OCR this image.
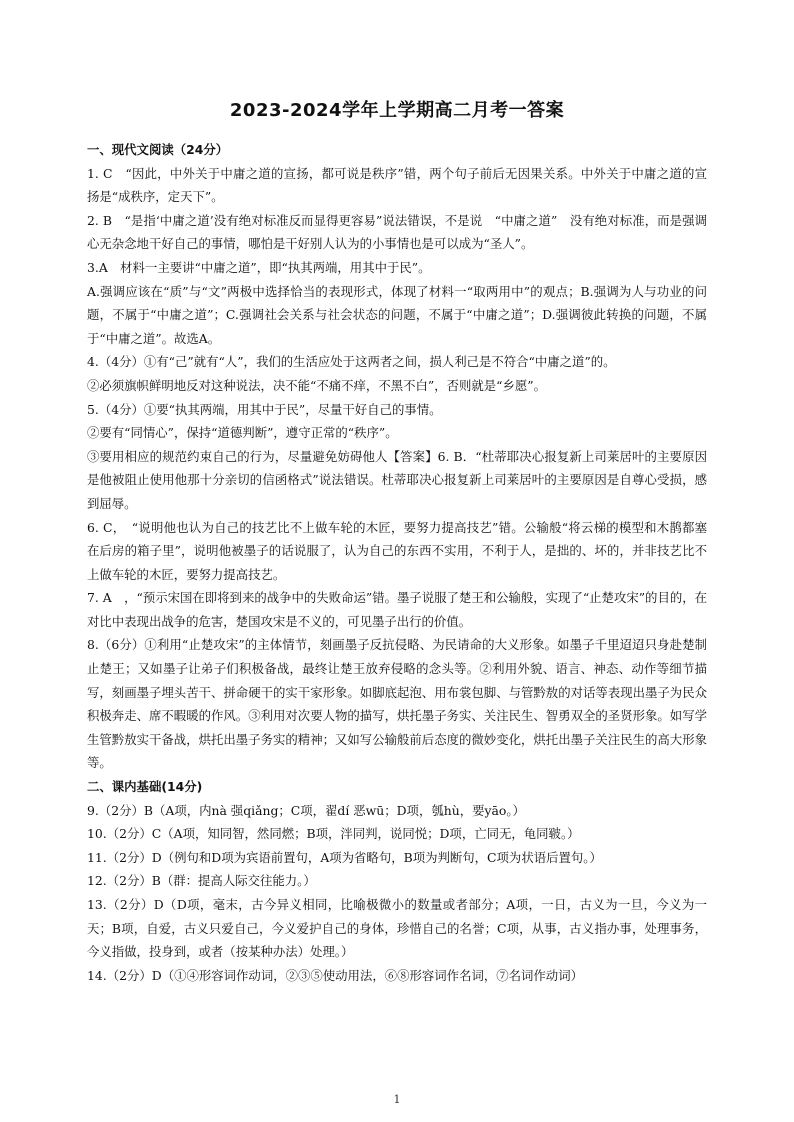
2023-2024学年上学期高二月考一答案
一、现代文阅读（24分）

1. C　“因此，中外关于中庸之道的宣扬，都可说是秩序”错，两个句子前后无因果关系。中外关于中庸之道的宣扬是“成秩序，定天下”。

2. B　“是指‘中庸之道’没有绝对标准反而显得更容易”说法错误，不是说　“中庸之道”　没有绝对标准，而是强调心无杂念地干好自己的事情，哪怕是干好别人认为的小事情也是可以成为“圣人”。

3.A　材料一主要讲“中庸之道”，即“执其两端，用其中于民”。

A.强调应该在“质”与“文”两极中选择恰当的表现形式，体现了材料一“取两用中”的观点；B.强调为人与功业的问题，不属于“中庸之道”；C.强调社会关系与社会状态的问题，不属于“中庸之道”；D.强调彼此转换的问题，不属于“中庸之道”。故选A。

4.（4分）①有“己”就有“人”，我们的生活应处于这两者之间，损人利己是不符合“中庸之道”的。

②必须旗帜鲜明地反对这种说法，决不能“不痛不痒，不黑不白”，否则就是“乡愿”。

5.（4分）①要“执其两端，用其中于民”，尽量干好自己的事情。

②要有“同情心”，保持“道德判断”，遵守正常的“秩序”。

③要用相应的规范约束自己的行为，尽量避免妨碍他人【答案】6. B．“杜蒂耶决心报复新上司莱居叶的主要原因是他被阻止使用他那十分亲切的信函格式”说法错误。杜蒂耶决心报复新上司莱居叶的主要原因是自尊心受损，感到屈辱。

6. C，　“说明他也认为自己的技艺比不上做车轮的木匠，要努力提高技艺”错。公输般“将云梯的模型和木鹊都塞在后房的箱子里”，说明他被墨子的话说服了，认为自己的东西不实用，不利于人，是拙的、坏的，并非技艺比不上做车轮的木匠，要努力提高技艺。

7. A　，“预示宋国在即将到来的战争中的失败命运”错。墨子说服了楚王和公输般，实现了“止楚攻宋”的目的，在对比中表现出战争的危害，楚国攻宋是不义的，可见墨子出行的价值。

8.（6分）①利用“止楚攻宋”的主体情节，刻画墨子反抗侵略、为民请命的大义形象。如墨子千里迢迢只身赴楚制止楚王；又如墨子让弟子们积极备战，最终让楚王放弃侵略的念头等。②利用外貌、语言、神态、动作等细节描写，刻画墨子埋头苦干、拼命硬干的实干家形象。如脚底起泡、用布裳包脚、与管黔敖的对话等表现出墨子为民众积极奔走、席不暇暖的作风。③利用对次要人物的描写，烘托墨子务实、关注民生、智勇双全的圣贤形象。如写学生管黔敖实干备战，烘托出墨子务实的精神；又如写公输般前后态度的微妙变化，烘托出墨子关注民生的高大形象等。

二、课内基础(14分)

9.（2分）B（A项，内nà 强qiǎng；C项，翟dí 恶wū；D项，瓠hù，要yāo。）

10.（2分）C（A项，知同智，然同燃；B项，泮同判，说同悦；D项，亡同无，龟同皲。）

11.（2分）D（例句和D项为宾语前置句，A项为省略句，B项为判断句，C项为状语后置句。）

12.（2分）B（群：提高人际交往能力。）

13.（2分）D（D项，毫末，古今异义相同，比喻极微小的数量或者部分；A项，一日，古义为一旦，今义为一天；B项，自爱，古义只爱自己，今义爱护自己的身体，珍惜自己的名誉；C项，从事，古义指办事，处理事务，今义指做，投身到，或者（按某种办法）处理。）

14.（2分）D（①④形容词作动词，②③⑤使动用法，⑥⑧形容词作名词，⑦名词作动词）

1
